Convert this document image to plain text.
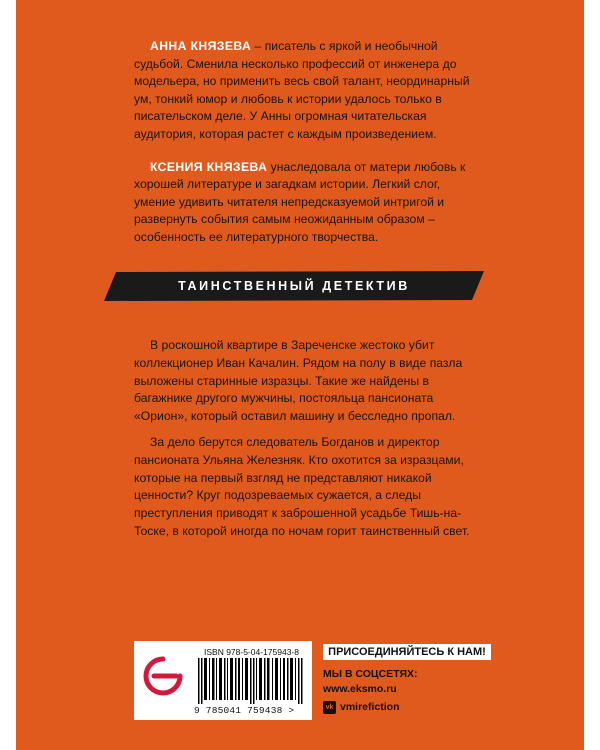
АННА КНЯЗЕВА – писатель с яркой и необычной судьбой. Сменила несколько профессий от инженера до модельера, но применить весь свой талант, неординарный ум, тонкий юмор и любовь к истории удалось только в писательском деле. У Анны огромная читательская аудитория, которая растет с каждым произведением.

КСЕНИЯ КНЯЗЕВА унаследовала от матери любовь к хорошей литературе и загадкам истории. Легкий слог, умение удивить читателя непредсказуемой интригой и развернуть события самым неожиданным образом – особенность ее литературного творчества.

ТАИНСТВЕННЫЙ ДЕТЕКТИВ

В роскошной квартире в Зареченске жестоко убит коллекционер Иван Качалин. Рядом на полу в виде пазла выложены старинные изразцы. Такие же найдены в багажнике другого мужчины, постояльца пансионата «Орион», который оставил машину и бесследно пропал.

За дело берутся следователь Богданов и директор пансионата Ульяна Железняк. Кто охотится за изразцами, которые на первый взгляд не представляют никакой ценности? Круг подозреваемых сужается, а следы преступления приводят к заброшенной усадьбе Тишь-на-Тоске, в которой иногда по ночам горит таинственный свет.

ISBN 978-5-04-175943-8
9 785041 759438 >
ПРИСОЕДИНЯЙТЕСЬ К НАМ!
МЫ В СОЦСЕТЯХ:
www.eksmo.ru
vk vmirefiction
